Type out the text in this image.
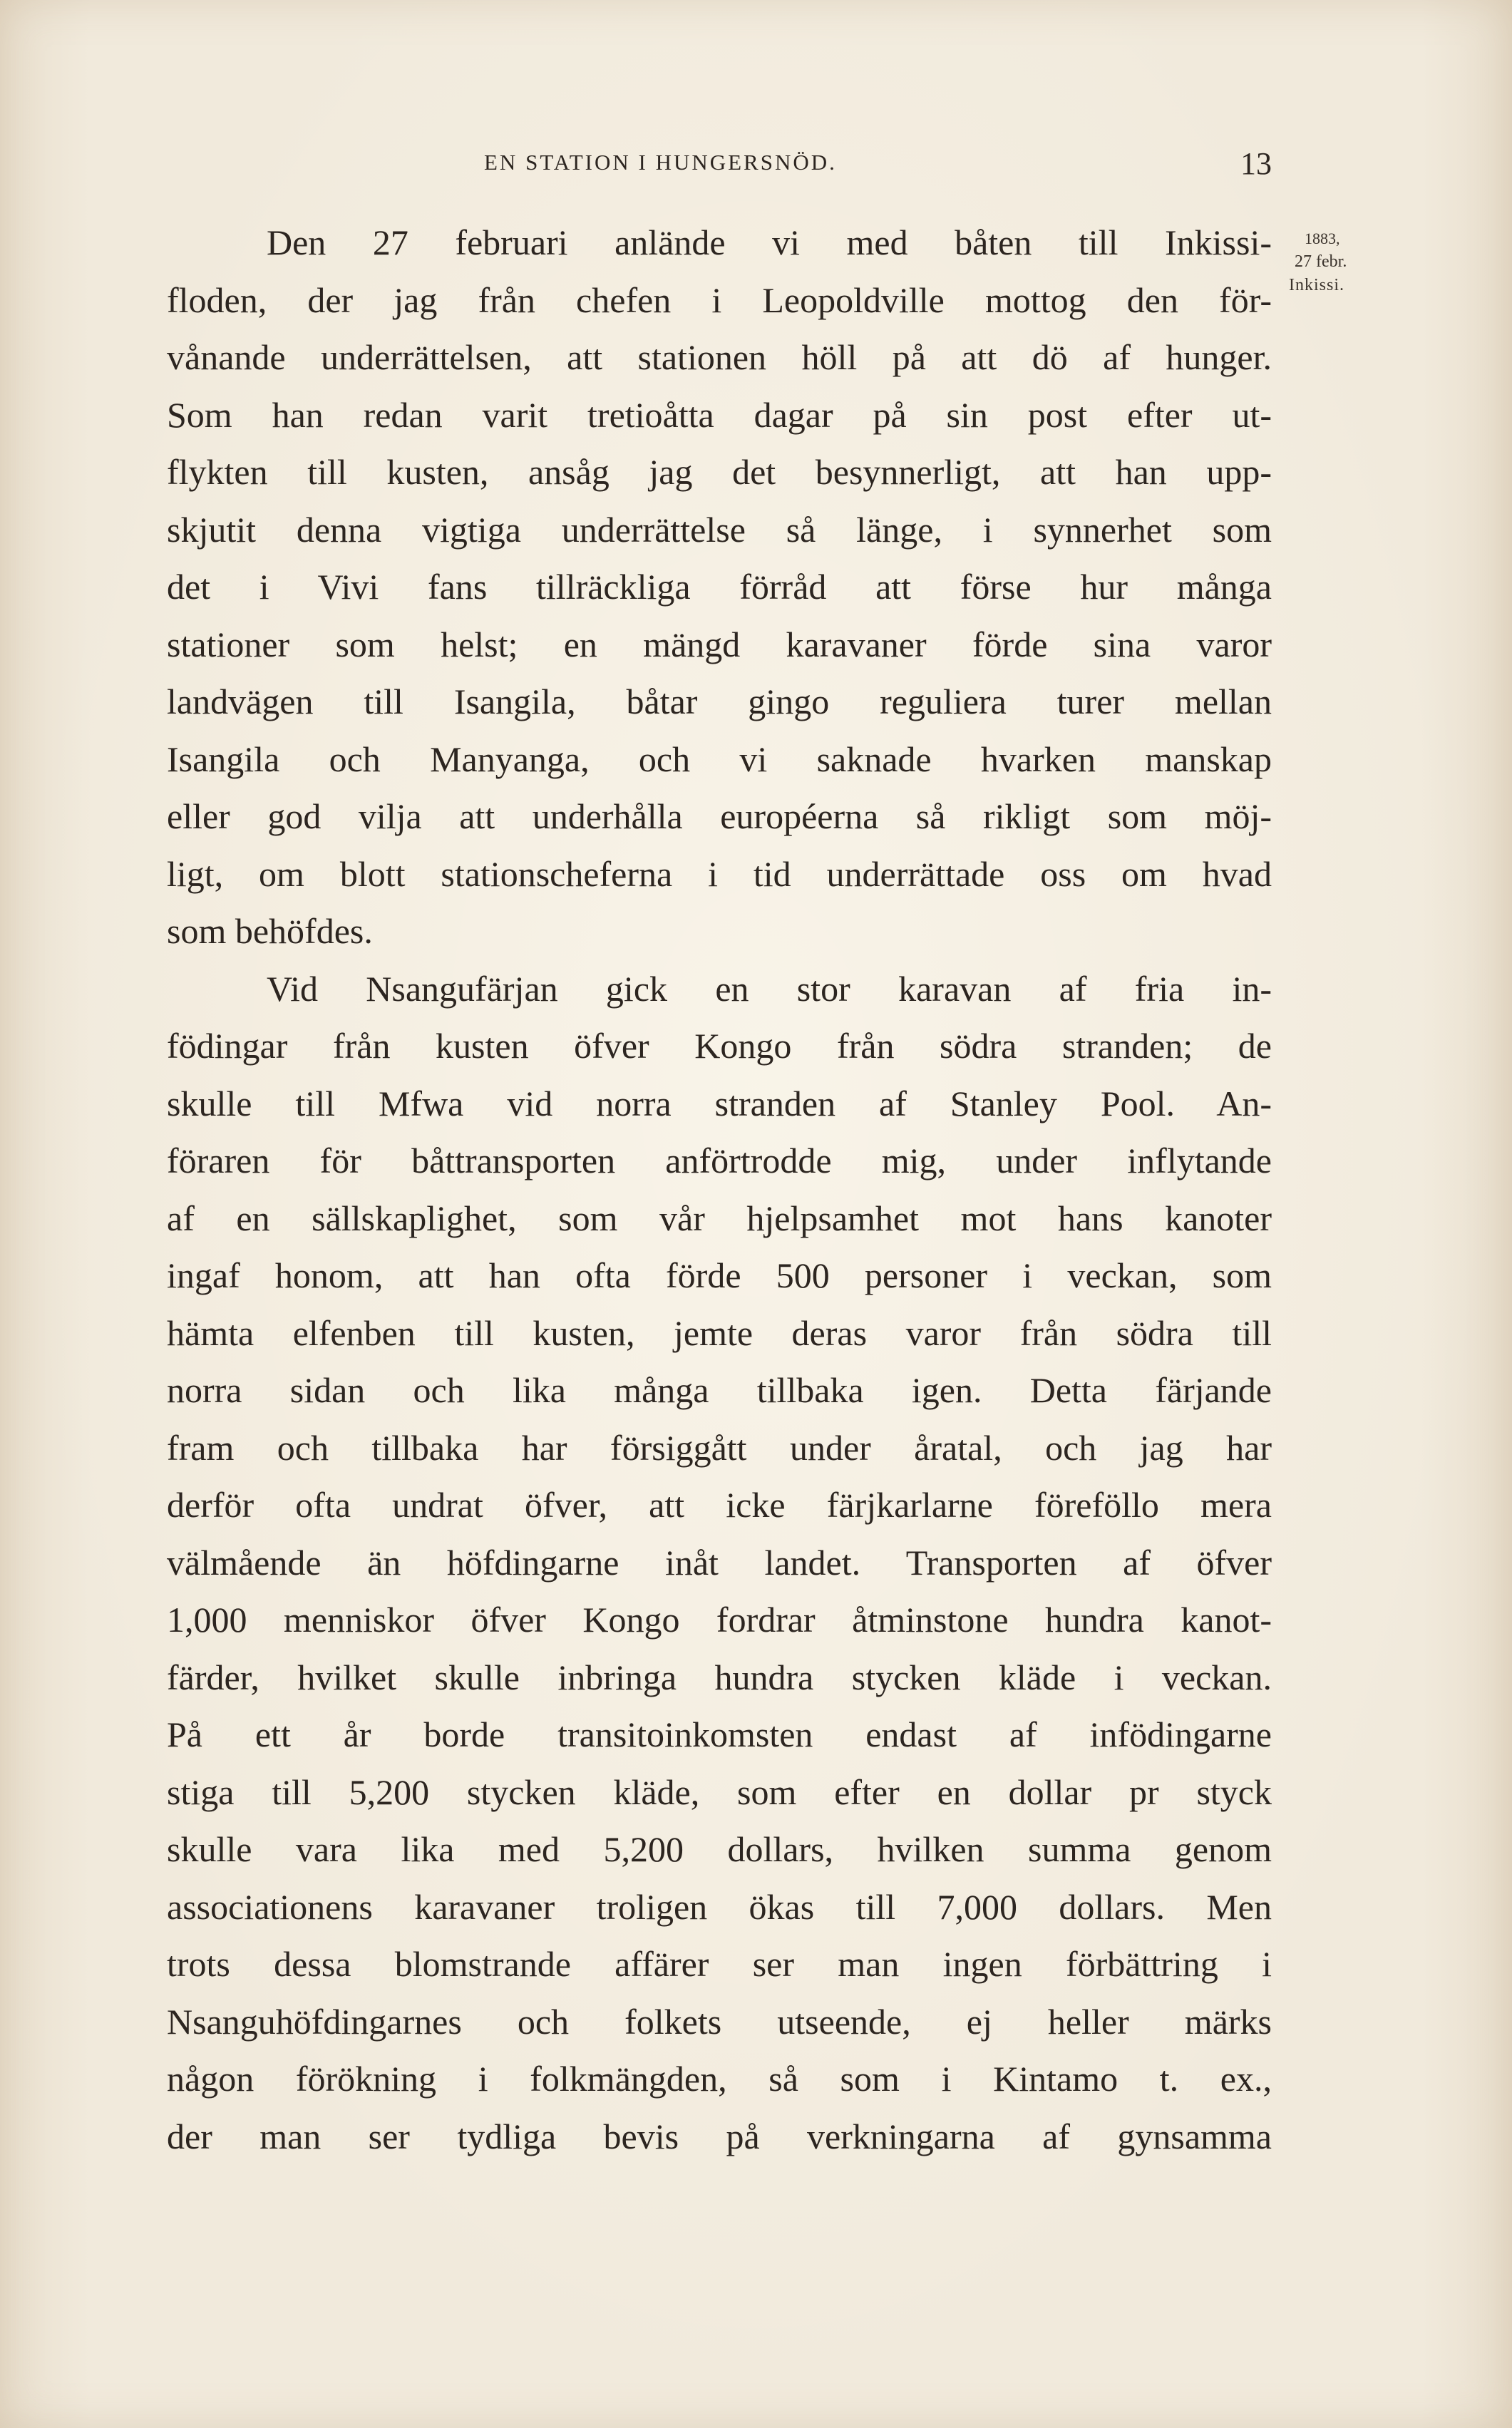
EN STATION I HUNGERSNÖD.	13
1883,
27 febr.
Inkissi.
Den 27 februari anlände vi med båten till Inkissi-
floden, der jag från chefen i Leopoldville mottog den för-
vånande underrättelsen, att stationen höll på att dö af hunger.
Som han redan varit tretioåtta dagar på sin post efter ut-
flykten till kusten, ansåg jag det besynnerligt, att han upp-
skjutit denna vigtiga underrättelse så länge, i synnerhet som
det i Vivi fans tillräckliga förråd att förse hur många
stationer som helst; en mängd karavaner förde sina varor
landvägen till Isangila, båtar gingo reguliera turer mellan
Isangila och Manyanga, och vi saknade hvarken manskap
eller god vilja att underhålla européerna så rikligt som möj-
ligt, om blott stationscheferna i tid underrättade oss om hvad
som behöfdes.
Vid Nsangufärjan gick en stor karavan af fria in-
födingar från kusten öfver Kongo från södra stranden; de
skulle till Mfwa vid norra stranden af Stanley Pool. An-
föraren för båttransporten anförtrodde mig, under inflytande
af en sällskaplighet, som vår hjelpsamhet mot hans kanoter
ingaf honom, att han ofta förde 500 personer i veckan, som
hämta elfenben till kusten, jemte deras varor från södra till
norra sidan och lika många tillbaka igen. Detta färjande
fram och tillbaka har försiggått under åratal, och jag har
derför ofta undrat öfver, att icke färjkarlarne föreföllo mera
välmående än höfdingarne inåt landet. Transporten af öfver
1,000 menniskor öfver Kongo fordrar åtminstone hundra kanot-
färder, hvilket skulle inbringa hundra stycken kläde i veckan.
På ett år borde transitoinkomsten endast af infödingarne
stiga till 5,200 stycken kläde, som efter en dollar pr styck
skulle vara lika med 5,200 dollars, hvilken summa genom
associationens karavaner troligen ökas till 7,000 dollars. Men
trots dessa blomstrande affärer ser man ingen förbättring i
Nsanguhöfdingarnes och folkets utseende, ej heller märks
någon förökning i folkmängden, så som i Kintamo t. ex.,
der man ser tydliga bevis på verkningarna af gynsamma
